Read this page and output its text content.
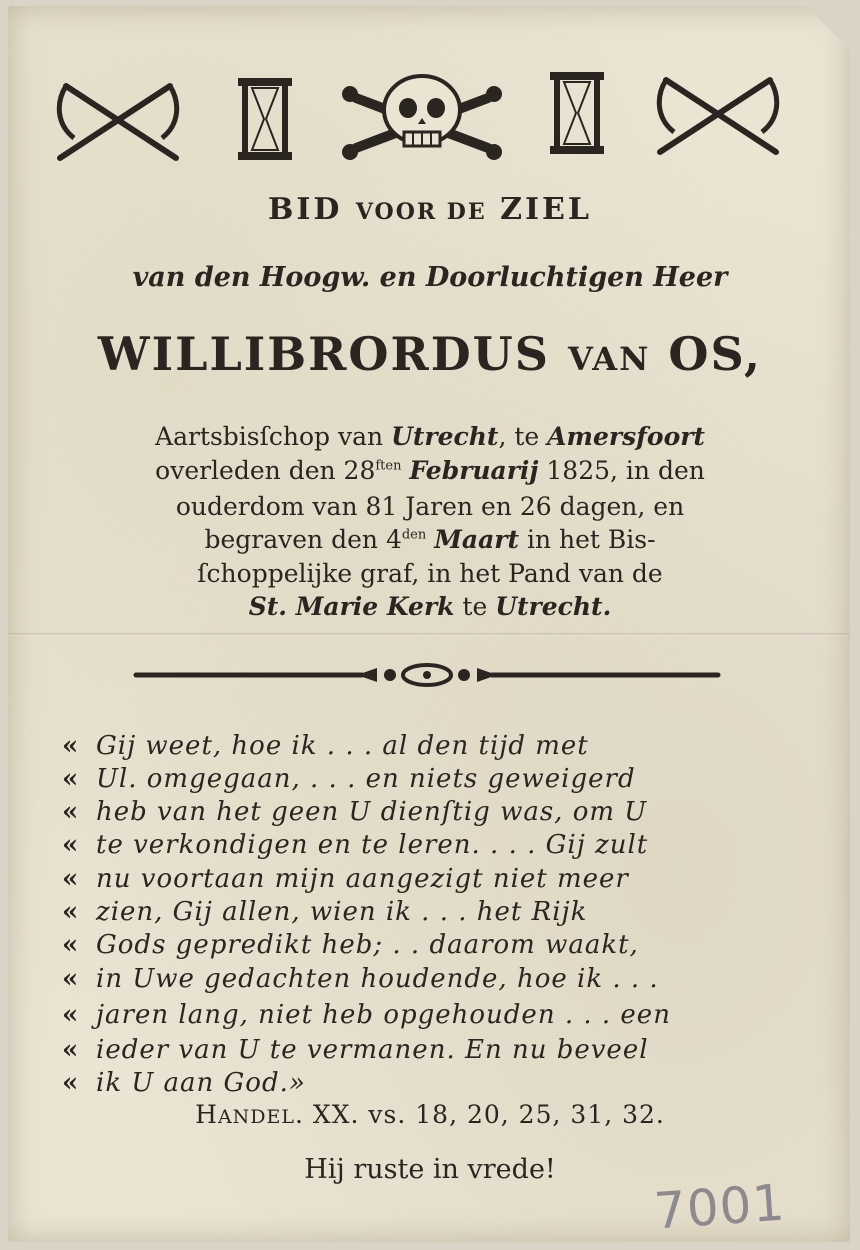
BID VOOR DE ZIEL
van den Hoogw. en Doorluchtigen Heer
WILLIBRORDUS VAN OS,
Aartsbisſchop van Utrecht, te Amersfoort
overleden den $28^{ften}$ Februarij 1825, in den
ouderdom van 81 Jaren en 26 dagen, en
begraven den $4^{den}$ Maart in het Bis-
ſchoppelijke graf, in het Pand van de
St. Marie Kerk te Utrecht.
« Gij weet, hoe ik . . . al den tijd met
« Ul. omgegaan, . . . en niets geweigerd
« heb van het geen U dienſtig was, om U
« te verkondigen en te leren. . . . Gij zult
« nu voortaan mijn aangezigt niet meer
« zien, Gij allen, wien ik . . . het Rijk
« Gods gepredikt heb; . . daarom waakt,
« in Uwe gedachten houdende, hoe ik . . .
« jaren lang, niet heb opgehouden . . . een
« ieder van U te vermanen. En nu beveel
« ik U aan God.»
HANDEL. XX. vs. 18, 20, 25, 31, 32.
Hij ruste in vrede!
7001
